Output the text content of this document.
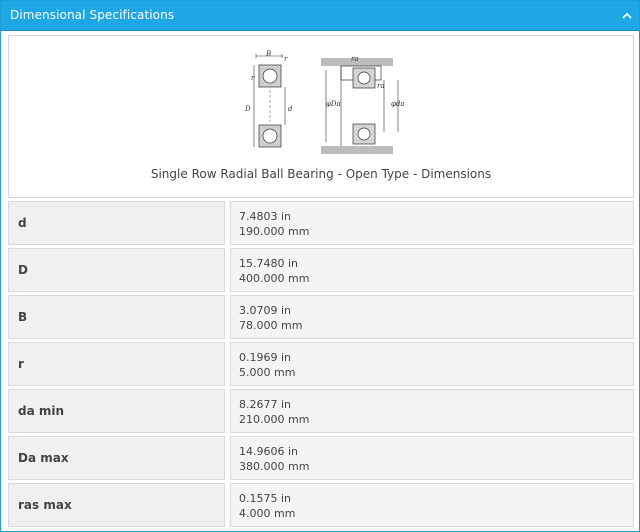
Dimensional Specifications
B
r
r
D	d
φDa	φda
ra
ra
Single Row Radial Ball Bearing - Open Type - Dimensions
d	7.4803 in
190.000 mm
D	15.7480 in
400.000 mm
B	3.0709 in
78.000 mm
r	0.1969 in
5.000 mm
da min	8.2677 in
210.000 mm
Da max	14.9606 in
380.000 mm
ras max	0.1575 in
4.000 mm
